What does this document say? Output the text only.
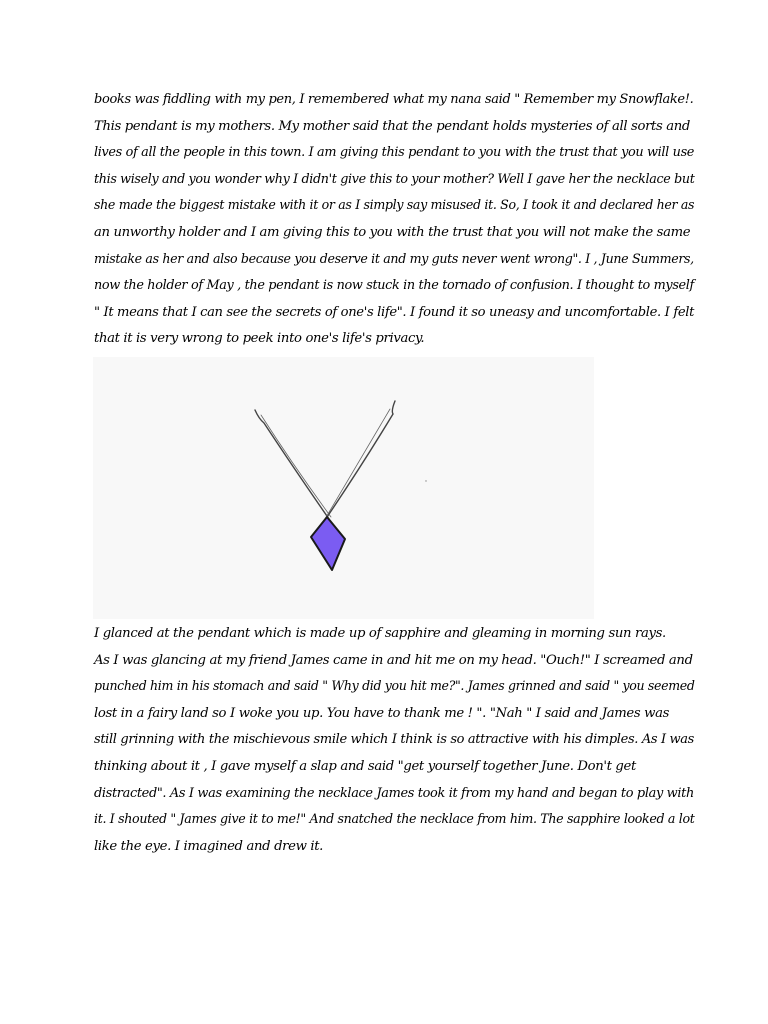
books was fiddling with my pen, I remembered what my nana said " Remember my Snowflake!.
This pendant is my mothers. My mother said that the pendant holds mysteries of all sorts and
lives of all the people in this town. I am giving this pendant to you with the trust that you will use
this wisely and you wonder why I didn't give this to your mother? Well I gave her the necklace but
she made the biggest mistake with it or as I simply say misused it. So, I took it and declared her as
an unworthy holder and I am giving this to you with the trust that you will not make the same
mistake as her and also because you deserve it and my guts never went wrong". I , June Summers,
now the holder of May , the pendant is now stuck in the tornado of confusion. I thought to myself
" It means that I can see the secrets of one's life". I found it so uneasy and uncomfortable. I felt
that it is very wrong to peek into one's life's privacy.
I glanced at the pendant which is made up of sapphire and gleaming in morning sun rays.
As I was glancing at my friend James came in and hit me on my head. "Ouch!" I screamed and
punched him in his stomach and said " Why did you hit me?". James grinned and said " you seemed
lost in a fairy land so I woke you up. You have to thank me ! ". "Nah " I said and James was
still grinning with the mischievous smile which I think is so attractive with his dimples. As I was
thinking about it , I gave myself a slap and said "get yourself together June. Don't get
distracted". As I was examining the necklace James took it from my hand and began to play with
it. I shouted " James give it to me!" And snatched the necklace from him. The sapphire looked a lot
like the eye. I imagined and drew it.
